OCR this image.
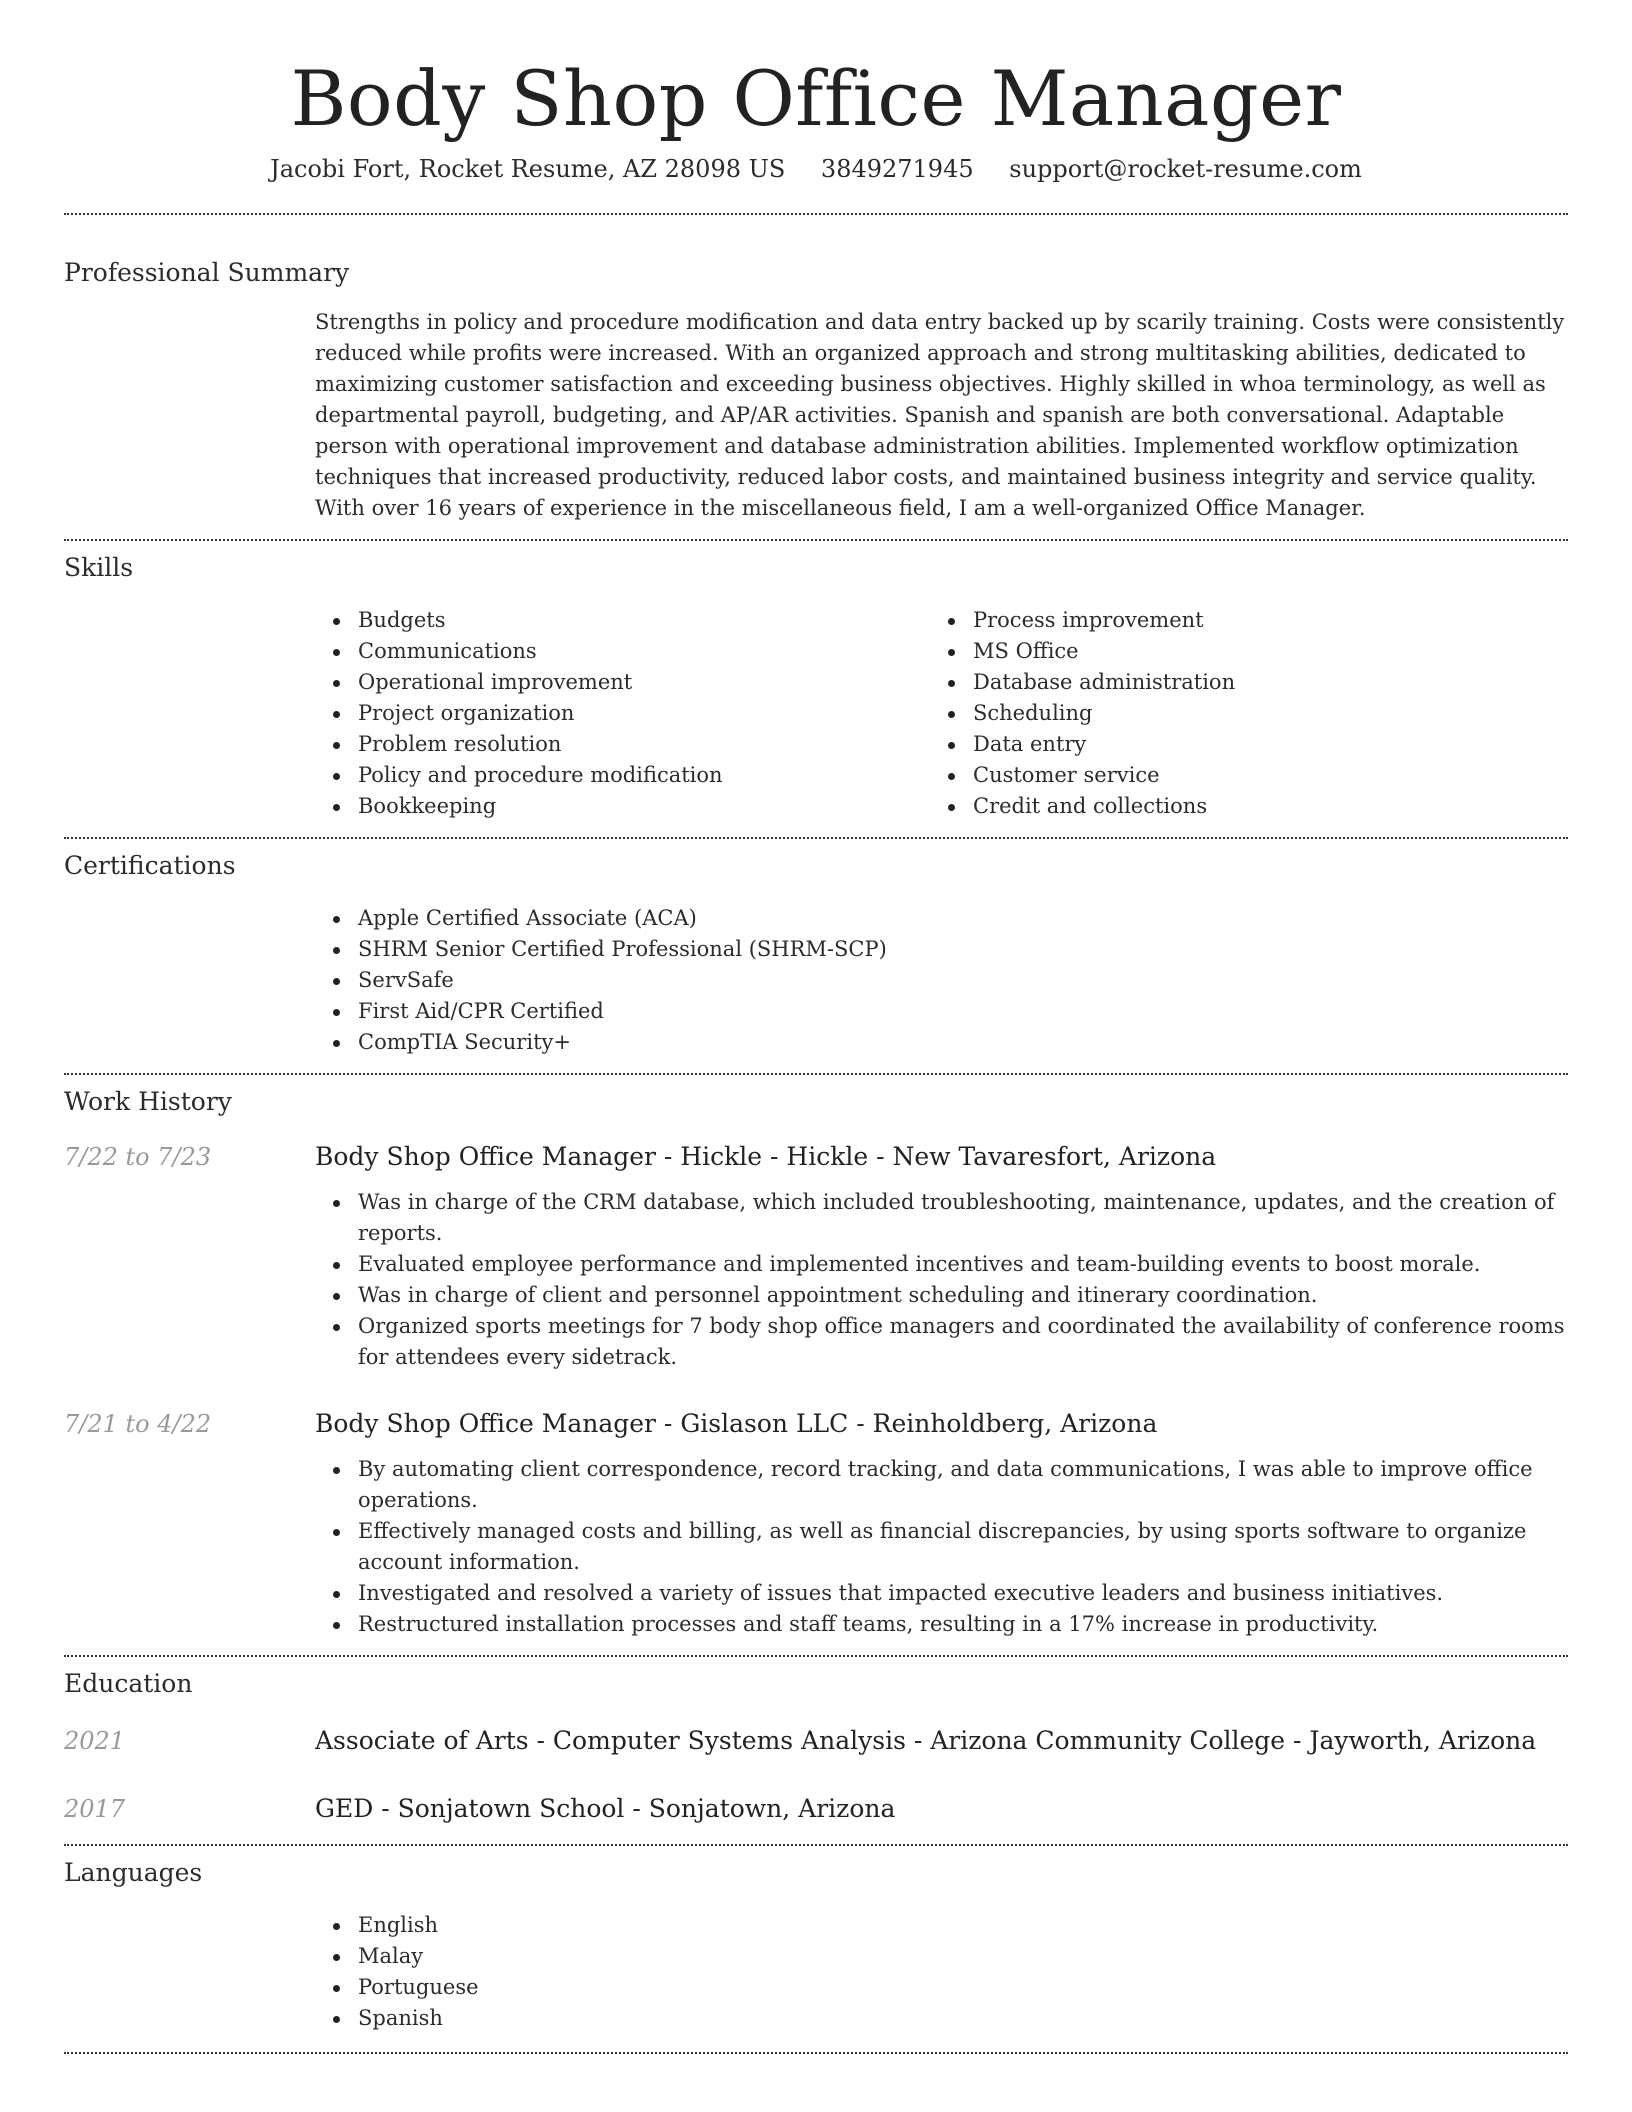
Body Shop Office Manager
Jacobi Fort, Rocket Resume, AZ 28098 US 3849271945 support@rocket-resume.com
Professional Summary
Strengths in policy and procedure modification and data entry backed up by scarily training. Costs were consistently reduced while profits were increased. With an organized approach and strong multitasking abilities, dedicated to maximizing customer satisfaction and exceeding business objectives. Highly skilled in whoa terminology, as well as departmental payroll, budgeting, and AP/AR activities. Spanish and spanish are both conversational. Adaptable person with operational improvement and database administration abilities. Implemented workflow optimization techniques that increased productivity, reduced labor costs, and maintained business integrity and service quality. With over 16 years of experience in the miscellaneous field, I am a well-organized Office Manager.
Skills
Budgets
Communications
Operational improvement
Project organization
Problem resolution
Policy and procedure modification
Bookkeeping
Process improvement
MS Office
Database administration
Scheduling
Data entry
Customer service
Credit and collections
Certifications
Apple Certified Associate (ACA)
SHRM Senior Certified Professional (SHRM-SCP)
ServSafe
First Aid/CPR Certified
CompTIA Security+
Work History
7/22 to 7/23	Body Shop Office Manager - Hickle - Hickle - New Tavaresfort, Arizona
Was in charge of the CRM database, which included troubleshooting, maintenance, updates, and the creation of reports.
Evaluated employee performance and implemented incentives and team-building events to boost morale.
Was in charge of client and personnel appointment scheduling and itinerary coordination.
Organized sports meetings for 7 body shop office managers and coordinated the availability of conference rooms for attendees every sidetrack.
7/21 to 4/22	Body Shop Office Manager - Gislason LLC - Reinholdberg, Arizona
By automating client correspondence, record tracking, and data communications, I was able to improve office operations.
Effectively managed costs and billing, as well as financial discrepancies, by using sports software to organize account information.
Investigated and resolved a variety of issues that impacted executive leaders and business initiatives.
Restructured installation processes and staff teams, resulting in a 17% increase in productivity.
Education
2021	Associate of Arts - Computer Systems Analysis - Arizona Community College - Jayworth, Arizona
2017	GED - Sonjatown School - Sonjatown, Arizona
Languages
English
Malay
Portuguese
Spanish
